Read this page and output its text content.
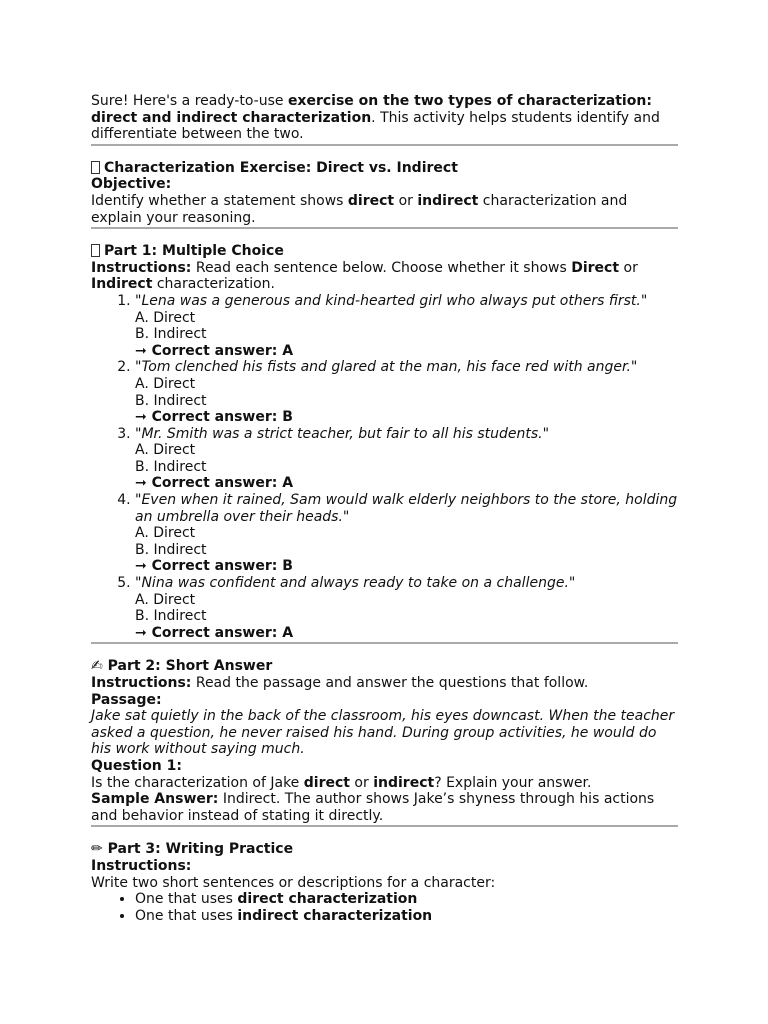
Sure! Here's a ready-to-use exercise on the two types of characterization: direct and indirect characterization. This activity helps students identify and differentiate between the two.

Characterization Exercise: Direct vs. Indirect

Objective:

Identify whether a statement shows direct or indirect characterization and explain your reasoning.

Part 1: Multiple Choice

Instructions: Read each sentence below. Choose whether it shows Direct or Indirect characterization.

1. "Lena was a generous and kind-hearted girl who always put others first."
A. Direct
B. Indirect
➞ Correct answer: A
2. "Tom clenched his fists and glared at the man, his face red with anger."
A. Direct
B. Indirect
➞ Correct answer: B
3. "Mr. Smith was a strict teacher, but fair to all his students."
A. Direct
B. Indirect
➞ Correct answer: A
4. "Even when it rained, Sam would walk elderly neighbors to the store, holding an umbrella over their heads."
A. Direct
B. Indirect
➞ Correct answer: B
5. "Nina was confident and always ready to take on a challenge."
A. Direct
B. Indirect
➞ Correct answer: A

✍ Part 2: Short Answer

Instructions: Read the passage and answer the questions that follow.

Passage:

Jake sat quietly in the back of the classroom, his eyes downcast. When the teacher asked a question, he never raised his hand. During group activities, he would do his work without saying much.

Question 1:

Is the characterization of Jake direct or indirect? Explain your answer.

Sample Answer: Indirect. The author shows Jake’s shyness through his actions and behavior instead of stating it directly.

✏ Part 3: Writing Practice

Instructions:

Write two short sentences or descriptions for a character:

• One that uses direct characterization
• One that uses indirect characterization
